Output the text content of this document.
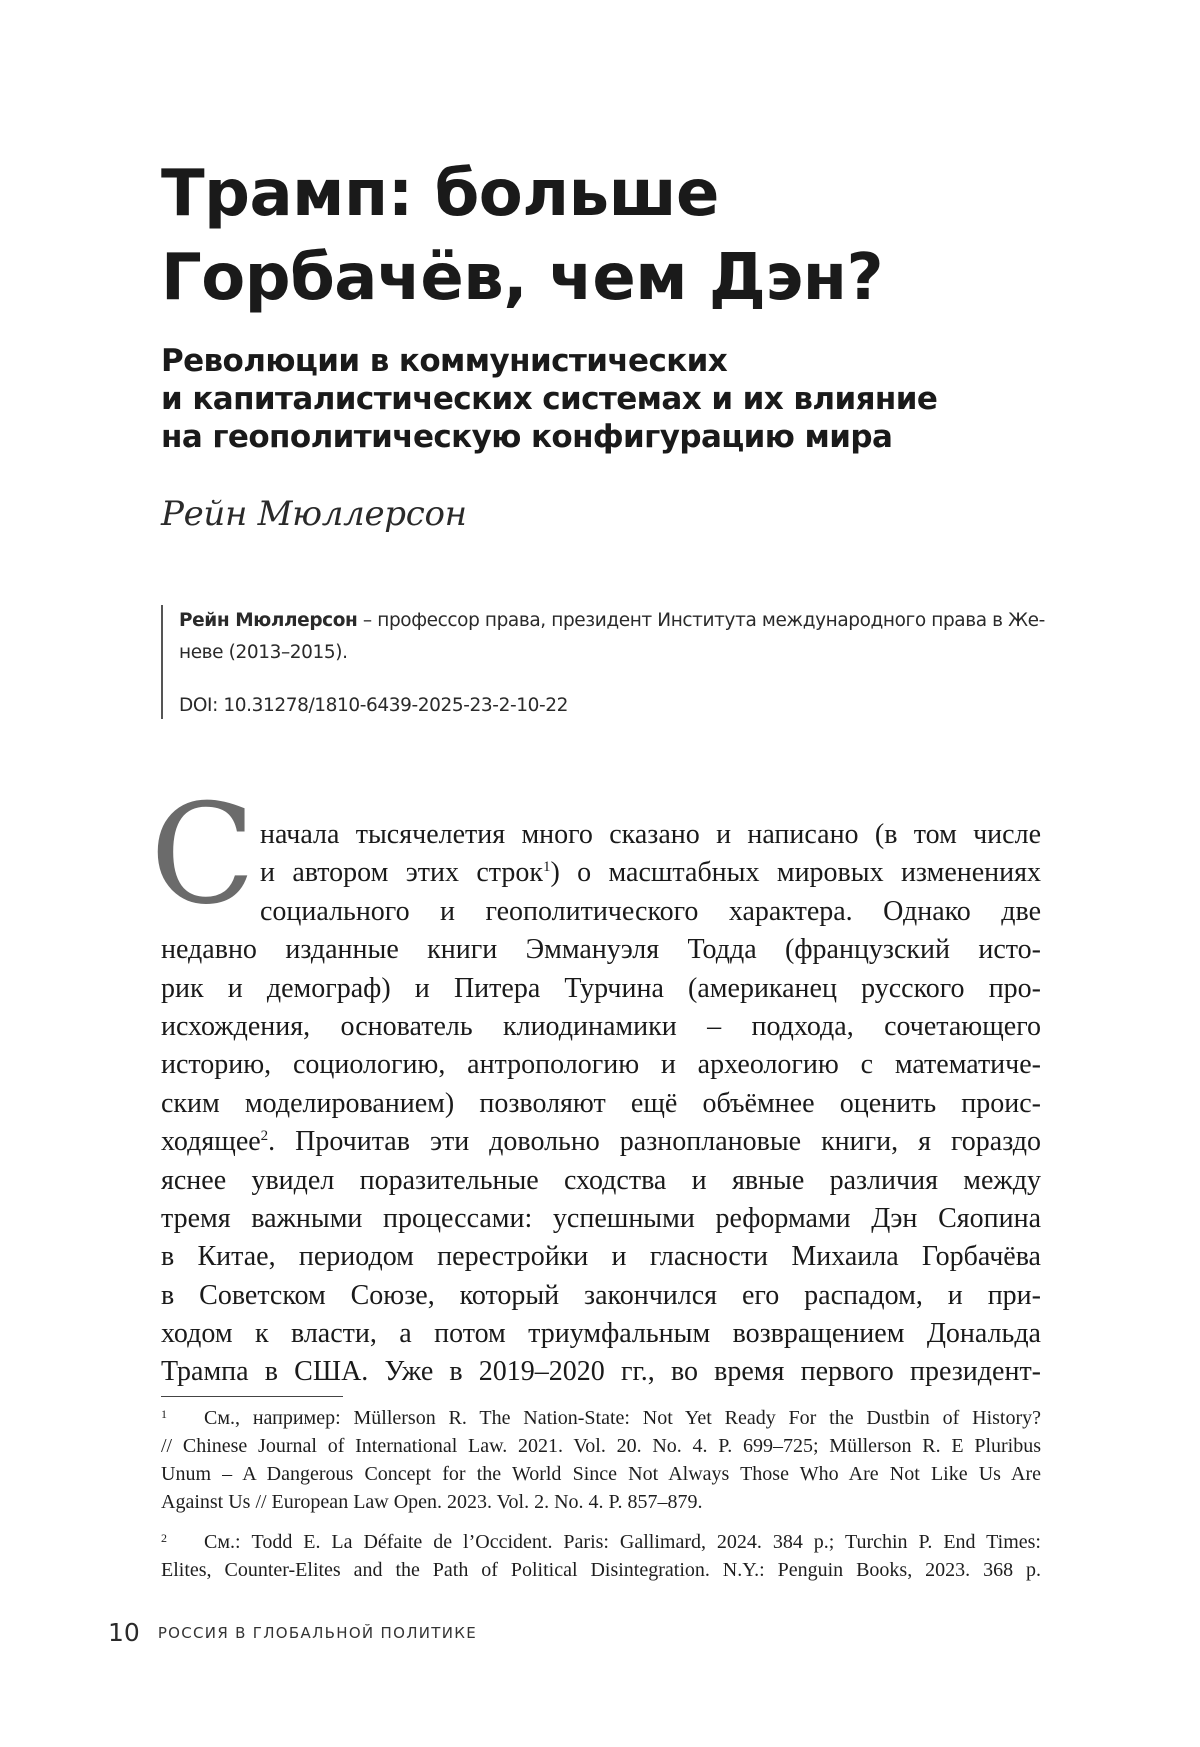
Трамп: больше
Горбачёв, чем Дэн?
Революции в коммунистических
и капиталистических системах и их влияние
на геополитическую конфигурацию мира
Рейн Мюллерсон
Рейн Мюллерсон – профессор права, президент Института международного права в Же-
неве (2013–2015).
DOI: 10.31278/1810-6439-2025-23-2-10-22
С начала тысячелетия много сказано и написано (в том числе
и автором этих строк$^1$) о масштабных мировых изменениях
социального и геополитического характера. Однако две
недавно изданные книги Эммануэля Тодда (французский исто-
рик и демограф) и Питера Турчина (американец русского про-
исхождения, основатель клиодинамики – подхода, сочетающего
историю, социологию, антропологию и археологию с математиче-
ским моделированием) позволяют ещё объёмнее оценить проис-
ходящее$^2$. Прочитав эти довольно разноплановые книги, я гораздо
яснее увидел поразительные сходства и явные различия между
тремя важными процессами: успешными реформами Дэн Сяопина
в Китае, периодом перестройки и гласности Михаила Горбачёва
в Советском Союзе, который закончился его распадом, и при-
ходом к власти, а потом триумфальным возвращением Дональда
Трампа в США. Уже в 2019–2020 гг., во время первого президент-
1	См., например: Müllerson R. The Nation-State: Not Yet Ready For the Dustbin of History?
// Chinese Journal of International Law. 2021. Vol. 20. No. 4. P. 699–725; Müllerson R. E Pluribus
Unum – A Dangerous Concept for the World Since Not Always Those Who Are Not Like Us Are
Against Us // European Law Open. 2023. Vol. 2. No. 4. P. 857–879.
2	См.: Todd E. La Défaite de l’Occident. Paris: Gallimard, 2024. 384 p.; Turchin P. End Times:
Elites, Counter-Elites and the Path of Political Disintegration. N.Y.: Penguin Books, 2023. 368 p.
10 РОССИЯ В ГЛОБАЛЬНОЙ ПОЛИТИКЕ
